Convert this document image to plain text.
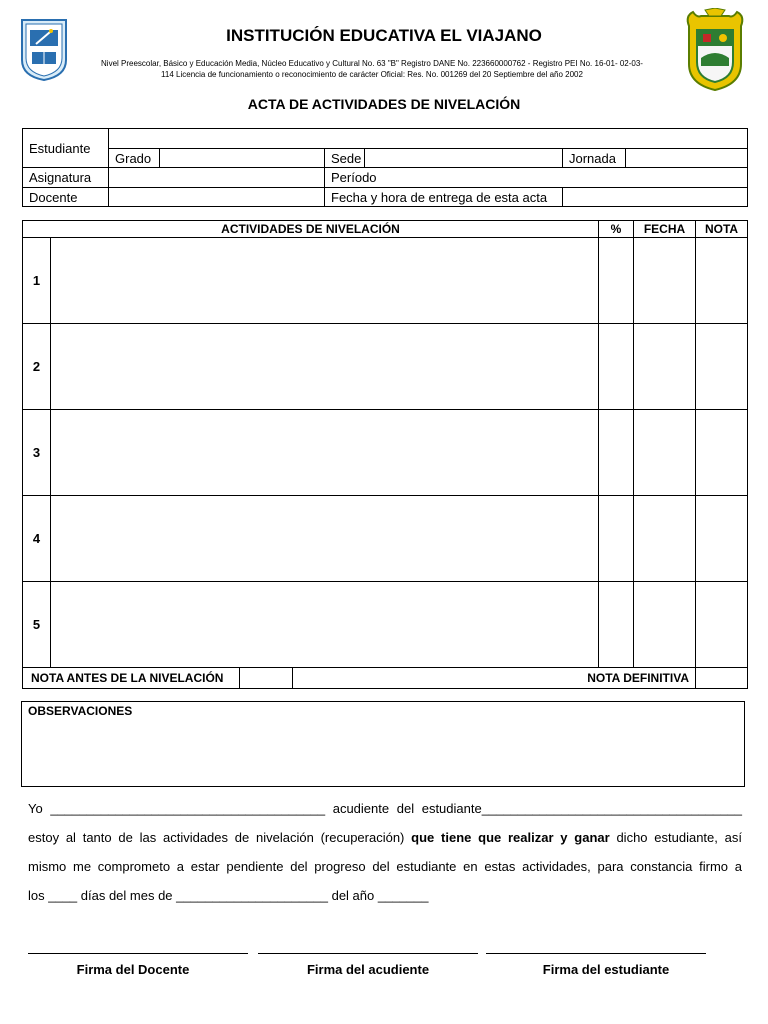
INSTITUCIÓN EDUCATIVA EL VIAJANO
Nivel Preescolar, Básico y Educación Media, Núcleo Educativo y Cultural No. 63 "B" Registro DANE No. 223660000762 - Registro PEI No. 16-01- 02-03-
114 Licencia de funcionamiento o reconocimiento de carácter Oficial: Res. No. 001269 del 20 Septiembre del año 2002
ACTA DE ACTIVIDADES DE NIVELACIÓN
Estudiante						
	Grado		Sede		Jornada	
Asignatura			Período			
Docente			Fecha y hora de entrega de esta acta			
ACTIVIDADES DE NIVELACIÓN				%	FECHA	NOTA
1						
2						
3						
4						
5						
NOTA ANTES DE LA NIVELACIÓN			NOTA DEFINITIVA			
OBSERVACIONES
Yo ______________________________________ acudiente del estudiante____________________________________
estoy al tanto de las actividades de nivelación (recuperación) que tiene que realizar y ganar dicho estudiante, así
mismo me comprometo a estar pendiente del progreso del estudiante en estas actividades, para constancia firmo a
los ____ días del mes de _____________________ del año _______
Firma del Docente	Firma del acudiente	Firma del estudiante
